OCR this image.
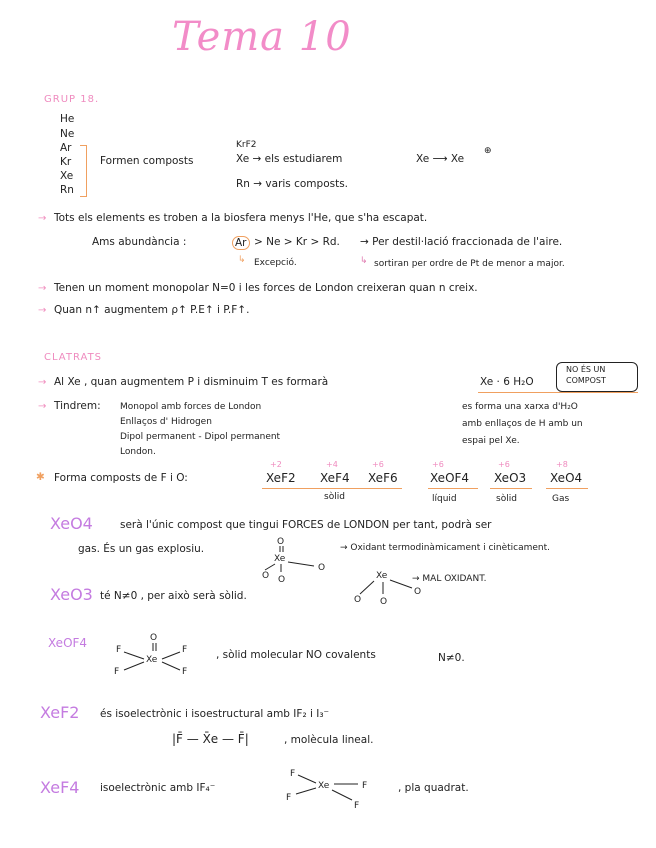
Tema 10
GRUP 18.
He
Ne
Ar
Kr
Xe
Rn
Formen composts
KrF2
Xe → els estudiarem	Xe ⟶ Xe
⊕
Rn → varis composts.
→ Tots els elements es troben a la biosfera menys l'He, que s'ha escapat.
Ams abundància :	Ar > Ne > Kr > Rd. → Per destil·lació fraccionada de l'aire.
↳ Excepció.	↳ sortiran per ordre de Pt de menor a major.
→ Tenen un moment monopolar N=0 i les forces de London creixeran quan n creix.
→ Quan n↑ augmentem ρ↑ P.E↑ i P.F↑.
CLATRATS
→ Al Xe , quan augmentem P i disminuim T es formarà	Xe · 6 H₂O
NO ÉS UN
COMPOST
→ Tindrem: Monopol amb forces de London
Enllaços d' Hidrogen
Dipol permanent - Dipol permanent
London.
es forma una xarxa d'H₂O
amb enllaços de H amb un
espai pel Xe.
✱ Forma composts de F i O:
+2	+4	+6	+6	+6	+8
XeF2 XeF4 XeF6	XeOF4 XeO3 XeO4
sòlid	líquid	sòlid	Gas
XeO4	serà l'únic compost que tingui FORCES de LONDON per tant, podrà ser
gas. És un gas explosiu.	→ Oxidant termodinàmicament i cinèticament.
O
Xe
O O
O
XeO3 té N≠0 , per això serà sòlid.
→ MAL OXIDANT.
Xe
O O
O
XeOF4	O
Xe
F
F
F
F
, sòlid molecular NO covalents	N≠0.
XeF2 és isoelectrònic i isoestructural amb IF₂ i I₃⁻
|F̄ — X̄e — F̄|	, molècula lineal.
XeF4 isoelectrònic amb IF₄⁻
F
Xe	F
F
F
, pla quadrat.
